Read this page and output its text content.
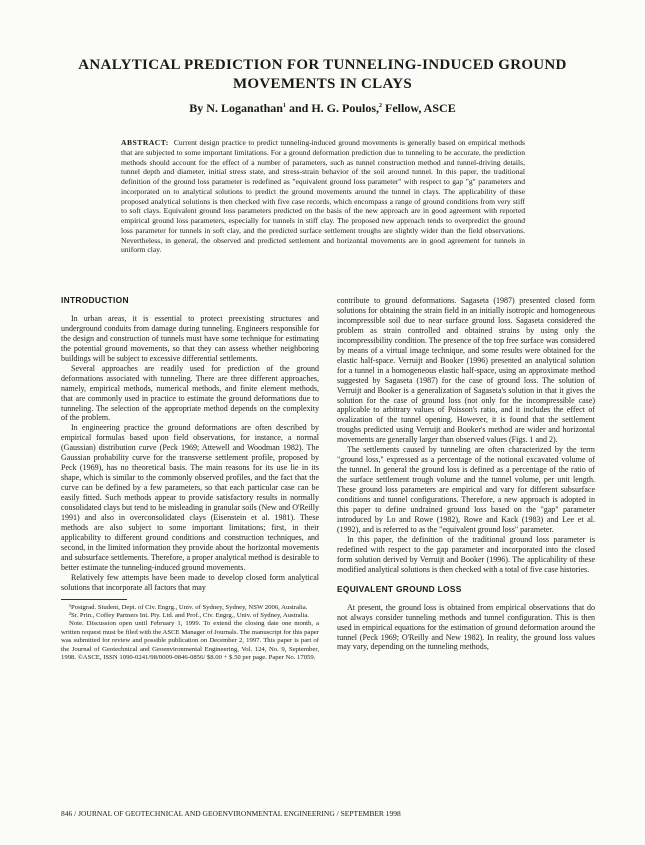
ANALYTICAL PREDICTION FOR TUNNELING-INDUCED GROUND
MOVEMENTS IN CLAYS
By N. Loganathan$^1$ and H. G. Poulos,$^2$ Fellow, ASCE
ABSTRACT: Current design practice to predict tunneling-induced ground movements is generally based on empirical methods that are subjected to some important limitations. For a ground deformation prediction due to tunneling to be accurate, the prediction methods should account for the effect of a number of parameters, such as tunnel construction method and tunnel-driving details, tunnel depth and diameter, initial stress state, and stress-strain behavior of the soil around tunnel. In this paper, the traditional definition of the ground loss parameter is redefined as "equivalent ground loss parameter" with respect to gap "g" parameters and incorporated on to analytical solutions to predict the ground movements around the tunnel in clays. The applicability of these proposed analytical solutions is then checked with five case records, which encompass a range of ground conditions from very stiff to soft clays. Equivalent ground loss parameters predicted on the basis of the new approach are in good agreement with reported empirical ground loss parameters, especially for tunnels in stiff clay. The proposed new approach tends to overpredict the ground loss parameter for tunnels in soft clay, and the predicted surface settlement troughs are slightly wider than the field observations. Nevertheless, in general, the observed and predicted settlement and horizontal movements are in good agreement for tunnels in uniform clay.
INTRODUCTION

In urban areas, it is essential to protect preexisting structures and underground conduits from damage during tunneling. Engineers responsible for the design and construction of tunnels must have some technique for estimating the potential ground movements, so that they can assess whether neighboring buildings will be subject to excessive differential settlements.

Several approaches are readily used for prediction of the ground deformations associated with tunneling. There are three different approaches, namely, empirical methods, numerical methods, and finite element methods, that are commonly used in practice to estimate the ground deformations due to tunneling. The selection of the appropriate method depends on the complexity of the problem.

In engineering practice the ground deformations are often described by empirical formulas based upon field observations, for instance, a normal (Gaussian) distribution curve (Peck 1969; Attewell and Woodman 1982). The Gaussian probability curve for the transverse settlement profile, proposed by Peck (1969), has no theoretical basis. The main reasons for its use lie in its shape, which is similar to the commonly observed profiles, and the fact that the curve can be defined by a few parameters, so that each particular case can be easily fitted. Such methods appear to provide satisfactory results in normally consolidated clays but tend to be misleading in granular soils (New and O'Reilly 1991) and also in overconsolidated clays (Eisenstein et al. 1981). These methods are also subject to some important limitations; first, in their applicability to different ground conditions and construction techniques, and second, in the limited information they provide about the horizontal movements and subsurface settlements. Therefore, a proper analytical method is desirable to better estimate the tunneling-induced ground movements.

Relatively few attempts have been made to develop closed form analytical solutions that incorporate all factors that may

¹Postgrad. Student, Dept. of Civ. Engrg., Univ. of Sydney, Sydney, NSW 2006, Australia.

²Sr. Prin., Coffey Partners Int. Pty. Ltd. and Prof., Civ. Engrg., Univ. of Sydney, Australia.

Note. Discussion open until February 1, 1999. To extend the closing date one month, a written request must be filed with the ASCE Manager of Journals. The manuscript for this paper was submitted for review and possible publication on December 2, 1997. This paper is part of the Journal of Geotechnical and Geoenvironmental Engineering, Vol. 124, No. 9, September, 1998. ©ASCE, ISSN 1090-0241/98/0009-0846-0856/ $8.00 + $.50 per page. Paper No. 17059.

contribute to ground deformations. Sagaseta (1987) presented closed form solutions for obtaining the strain field in an initially isotropic and homogeneous incompressible soil due to near surface ground loss. Sagaseta considered the problem as strain controlled and obtained strains by using only the incompressibility condition. The presence of the top free surface was considered by means of a virtual image technique, and some results were obtained for the elastic half-space. Verruijt and Booker (1996) presented an analytical solution for a tunnel in a homogeneous elastic half-space, using an approximate method suggested by Sagaseta (1987) for the case of ground loss. The solution of Verruijt and Booker is a generalization of Sagaseta's solution in that it gives the solution for the case of ground loss (not only for the incompressible case) applicable to arbitrary values of Poisson's ratio, and it includes the effect of ovalization of the tunnel opening. However, it is found that the settlement troughs predicted using Verruijt and Booker's method are wider and horizontal movements are generally larger than observed values (Figs. 1 and 2).

The settlements caused by tunneling are often characterized by the term "ground loss," expressed as a percentage of the notional excavated volume of the tunnel. In general the ground loss is defined as a percentage of the ratio of the surface settlement trough volume and the tunnel volume, per unit length. These ground loss parameters are empirical and vary for different subsurface conditions and tunnel configurations. Therefore, a new approach is adopted in this paper to define undrained ground loss based on the "gap" parameter introduced by Lo and Rowe (1982), Rowe and Kack (1983) and Lee et al. (1992), and is referred to as the "equivalent ground loss" parameter.

In this paper, the definition of the traditional ground loss parameter is redefined with respect to the gap parameter and incorporated into the closed form solution derived by Verruijt and Booker (1996). The applicability of these modified analytical solutions is then checked with a total of five case histories.

EQUIVALENT GROUND LOSS

At present, the ground loss is obtained from empirical observations that do not always consider tunneling methods and tunnel configuration. This is then used in empirical equations for the estimation of ground deformation around the tunnel (Peck 1969; O'Reilly and New 1982). In reality, the ground loss values may vary, depending on the tunneling methods,

846 / JOURNAL OF GEOTECHNICAL AND GEOENVIRONMENTAL ENGINEERING / SEPTEMBER 1998
